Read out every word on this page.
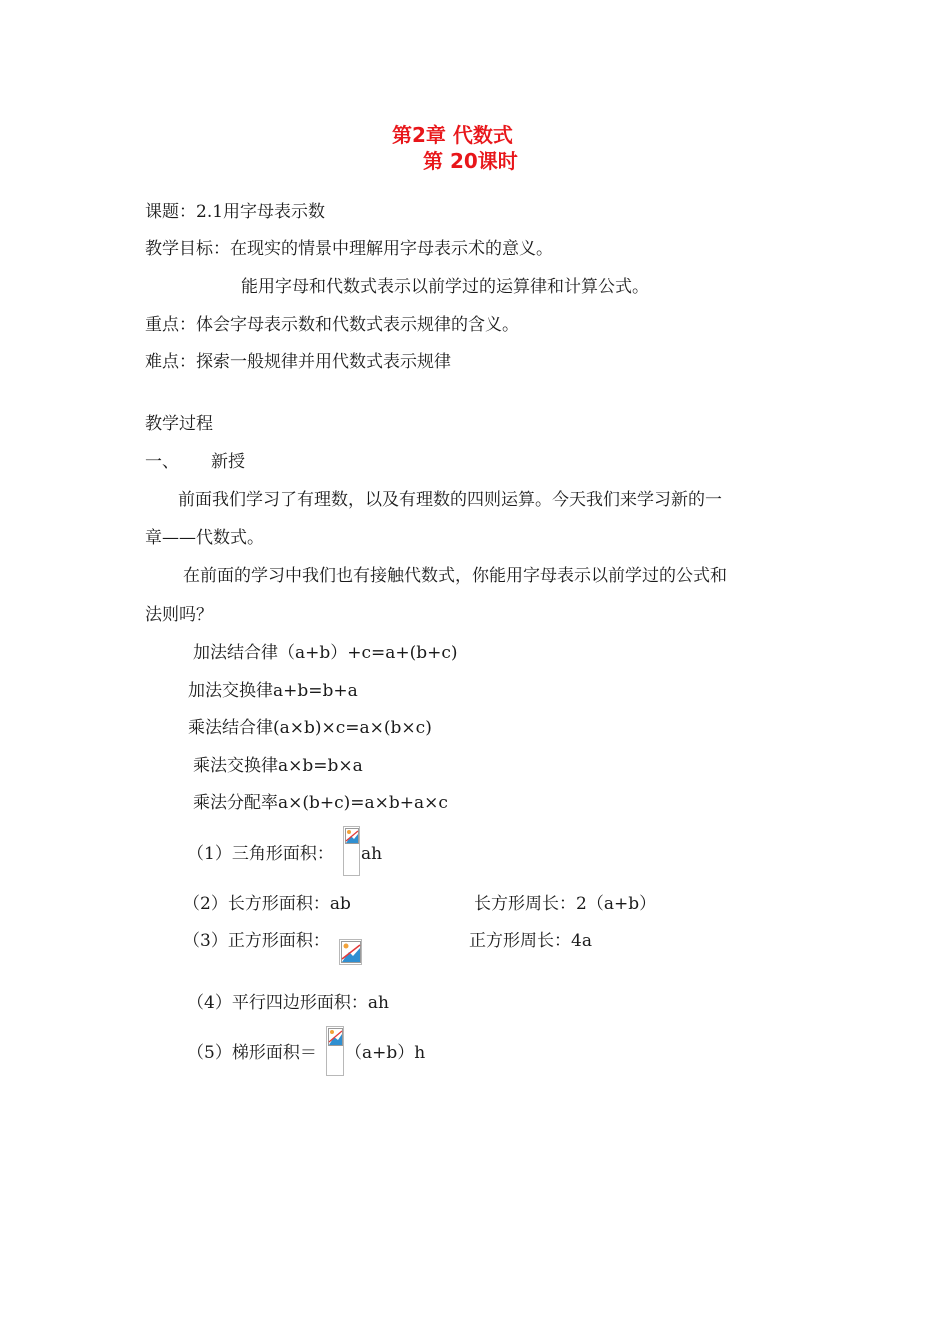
第2章 代数式
第 20课时
课题：2.1用字母表示数
教学目标：在现实的情景中理解用字母表示术的意义。
能用字母和代数式表示以前学过的运算律和计算公式。
重点：体会字母表示数和代数式表示规律的含义。
难点：探索一般规律并用代数式表示规律
教学过程
一、 新授
前面我们学习了有理数，以及有理数的四则运算。今天我们来学习新的一
章——代数式。
在前面的学习中我们也有接触代数式，你能用字母表示以前学过的公式和
法则吗？
加法结合律（a+b）+c=a+(b+c)
加法交换律a+b=b+a
乘法结合律(a×b)×c=a×(b×c)
乘法交换律a×b=b×a
乘法分配率a×(b+c)=a×b+a×c
（1）三角形面积： ah
（2）长方形面积：ab	长方形周长：2（a+b）
（3）正方形面积：	正方形周长：4a
（4）平行四边形面积：ah
（5）梯形面积＝ （a+b）h
